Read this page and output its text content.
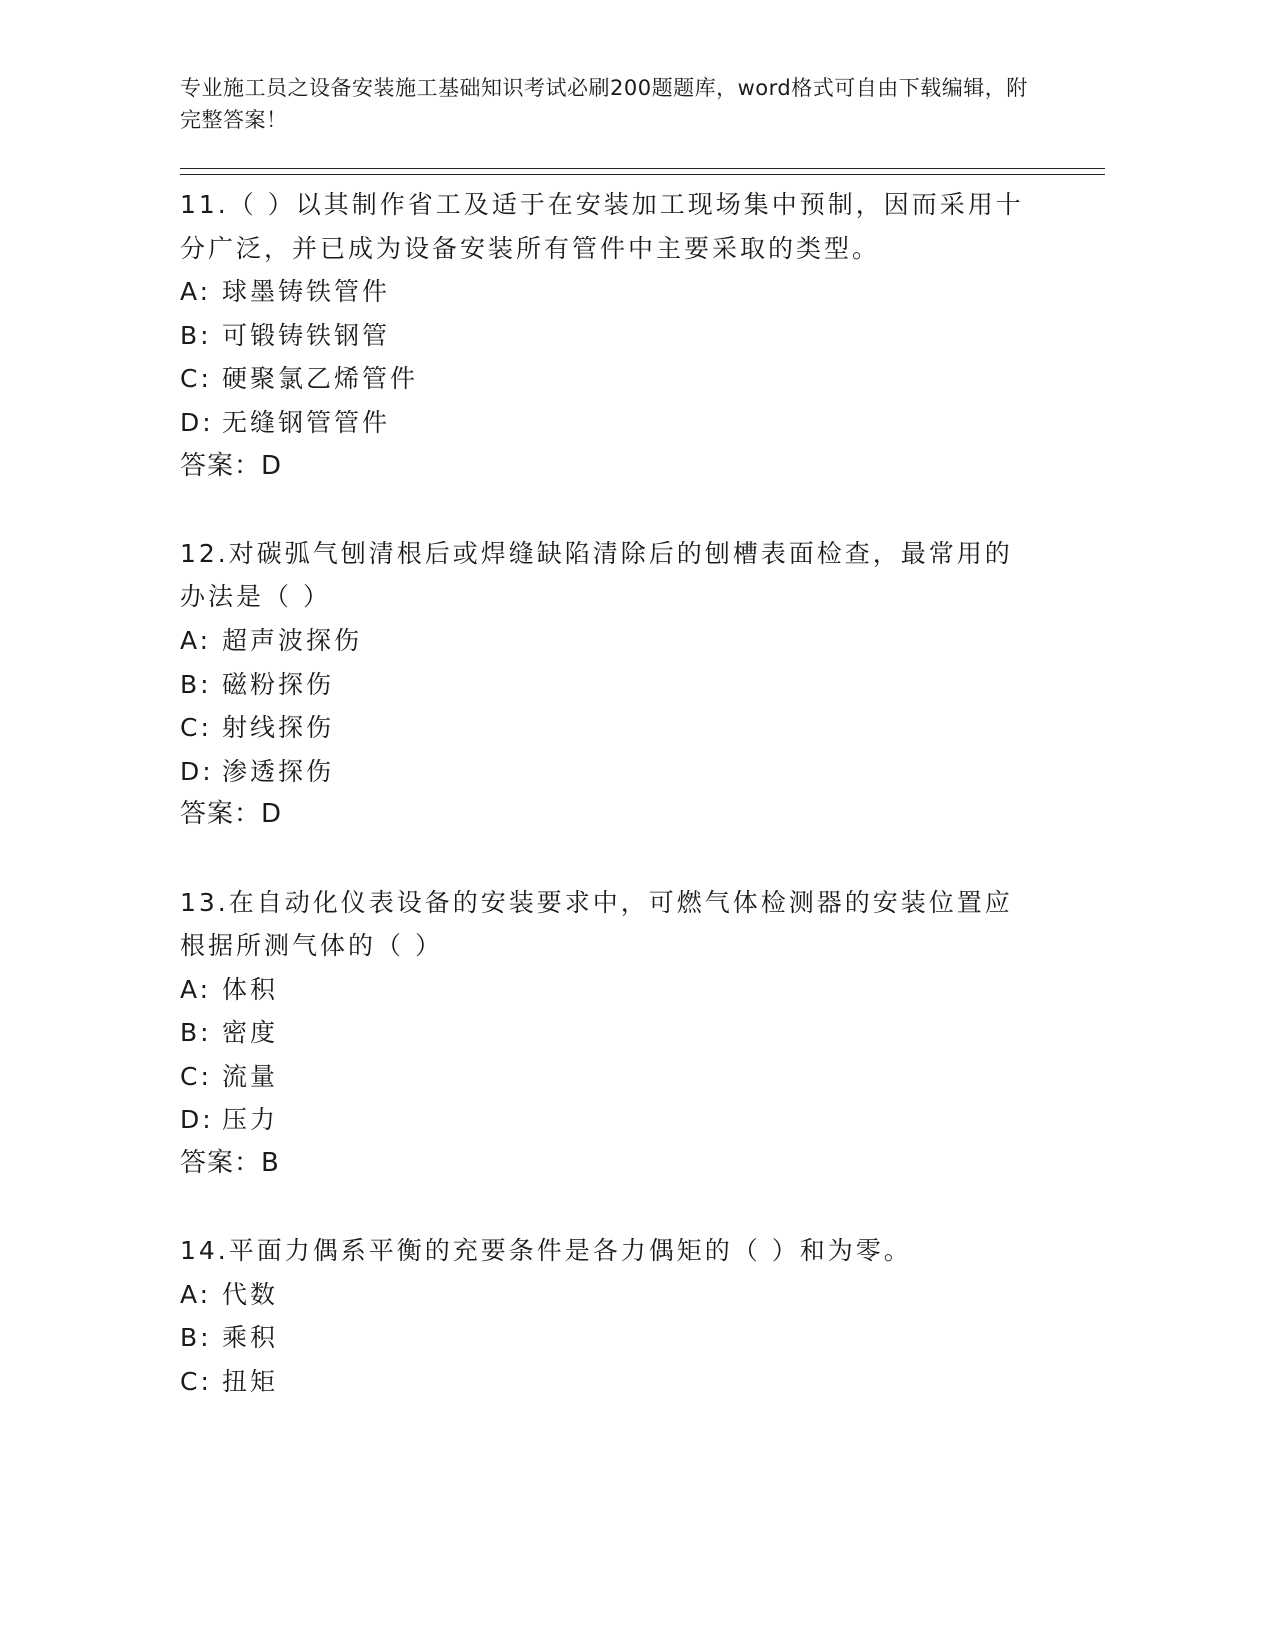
专业施工员之设备安装施工基础知识考试必刷200题题库，word格式可自由下载编辑，附完整答案！
11.（ ）以其制作省工及适于在安装加工现场集中预制，因而采用十分广泛，并已成为设备安装所有管件中主要采取的类型。
A: 球墨铸铁管件
B: 可锻铸铁钢管
C: 硬聚氯乙烯管件
D: 无缝钢管管件
答案：D
12.对碳弧气刨清根后或焊缝缺陷清除后的刨槽表面检查，最常用的办法是（ ）
A: 超声波探伤
B: 磁粉探伤
C: 射线探伤
D: 渗透探伤
答案：D
13.在自动化仪表设备的安装要求中，可燃气体检测器的安装位置应根据所测气体的（ ）
A: 体积
B: 密度
C: 流量
D: 压力
答案：B
14.平面力偶系平衡的充要条件是各力偶矩的（ ）和为零。
A: 代数
B: 乘积
C: 扭矩
